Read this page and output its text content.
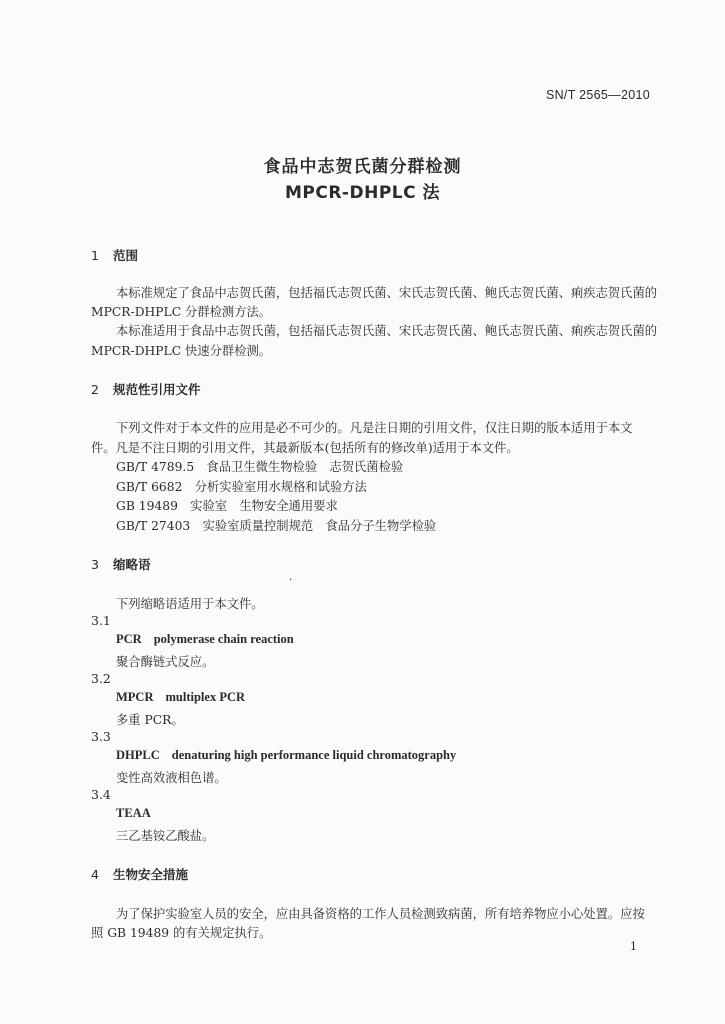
SN/T 2565—2010
食品中志贺氏菌分群检测
MPCR-DHPLC 法
1 范围
本标准规定了食品中志贺氏菌，包括福氏志贺氏菌、宋氏志贺氏菌、鲍氏志贺氏菌、痢疾志贺氏菌的
MPCR-DHPLC 分群检测方法。
本标准适用于食品中志贺氏菌，包括福氏志贺氏菌、宋氏志贺氏菌、鲍氏志贺氏菌、痢疾志贺氏菌的
MPCR-DHPLC 快速分群检测。
2 规范性引用文件
下列文件对于本文件的应用是必不可少的。凡是注日期的引用文件，仅注日期的版本适用于本文
件。凡是不注日期的引用文件，其最新版本(包括所有的修改单)适用于本文件。
GB/T 4789.5　食品卫生微生物检验　志贺氏菌检验
GB/T 6682　分析实验室用水规格和试验方法
GB 19489　实验室　生物安全通用要求
GB/T 27403　实验室质量控制规范　食品分子生物学检验
3 缩略语
·
下列缩略语适用于本文件。
3.1
PCR polymerase chain reaction
聚合酶链式反应。
3.2
MPCR multiplex PCR
多重 PCR。
3.3
DHPLC denaturing high performance liquid chromatography
变性高效液相色谱。
3.4
TEAA
三乙基铵乙酸盐。
4 生物安全措施
为了保护实验室人员的安全，应由具备资格的工作人员检测致病菌，所有培养物应小心处置。应按
照 GB 19489 的有关规定执行。
1
